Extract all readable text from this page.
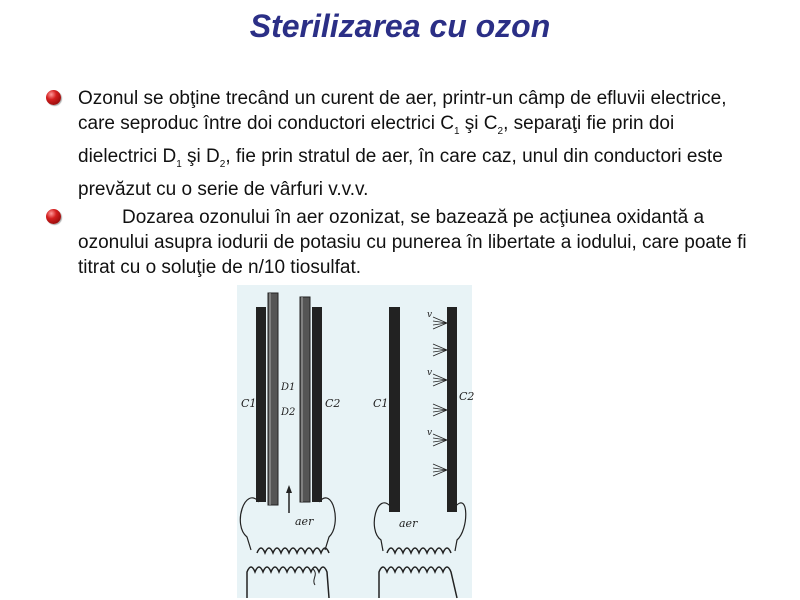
Sterilizarea cu ozon

Ozonul se obţine trecând un curent de aer, printr-un câmp de efluvii electrice, care seproduc între doi conductori electrici $C_1$ şi $C_2$, separaţi fie prin doi dielectrici $D_1$ şi $D_2$, fie prin stratul de aer, în care caz, unul din conductori este prevăzut cu o serie de vârfuri v.v.v.

Dozarea ozonului în aer ozonizat, se bazează pe acţiunea oxidantă a ozonului asupra iodurii de potasiu cu punerea în libertate a iodului, care poate fi titrat cu o soluţie de n/10 tiosulfat.

C1
D1
D2
C2
aer
v
v
v
C1
C2
aer
